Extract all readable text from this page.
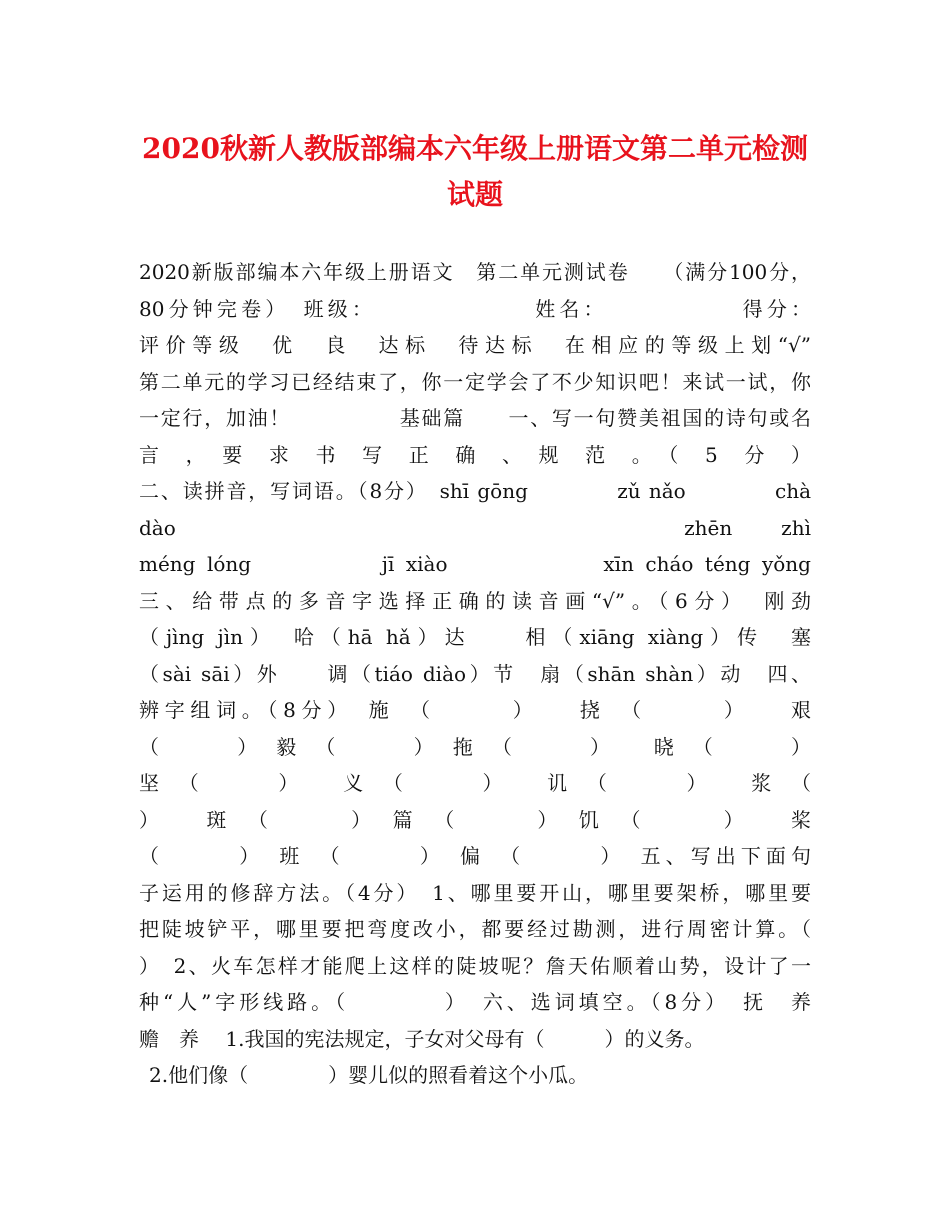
2020秋新人教版部编本六年级上册语文第二单元检测
试题
2020新版部编本六年级上册语文　第二单元测试卷　　（满分100分，
80分钟完卷）　班级：　　　　　　　姓名：　　　　　　得分：
评价等级　优　良　达标　待达标　在相应的等级上划“√”
第二单元的学习已经结束了，你一定学会了不少知识吧！来试一试，你
一定行，加油！　　　　　基础篇　　一、写一句赞美祖国的诗句或名
言　，　要　求　书　写　正　确　、　规　范　。　（　5　分　）
二、读拼音，写词语。（8分）　shī gōng　　　　zǔ nǎo　　　　chà
dào　　　　　　　　　　　　　　　　　　　　　　zhēn　　zhì
méng lóng　　　　　jī xiào　　　　　　xīn cháo téng yǒng
三、给带点的多音字选择正确的读音画“√”。（6分）　刚劲
（jìng jìn）　哈（hā hǎ）达　　相（xiāng xiàng）传　塞
（sài sāi）外　　调（tiáo diào）节　扇（shān shàn）动　四、
辨字组词。（8分）　施　（　　　）　　挠　（　　　）　　艰
（　　　）　毅　（　　　）　拖　（　　　）　　晓　（　　　）
坚　（　　　）　　义　（　　　）　　讥　（　　　）　　浆　（
）　　斑　（　　　）　篇　（　　　）　饥　（　　　）　　桨
（　　　）　班　（　　　）　偏　（　　　）　五、写出下面句
子运用的修辞方法。（4分）　1、哪里要开山，哪里要架桥，哪里要
把陡坡铲平，哪里要把弯度改小，都要经过勘测，进行周密计算。（
）　2、火车怎样才能爬上这样的陡坡呢？詹天佑顺着山势，设计了一
种“人”字形线路。（　　　　）　六、选词填空。（8分）　抚　养
赡　养　 1.我国的宪法规定，子女对父母有（　　　）的义务。
2.他们像（　　　　）婴儿似的照看着这个小瓜。
